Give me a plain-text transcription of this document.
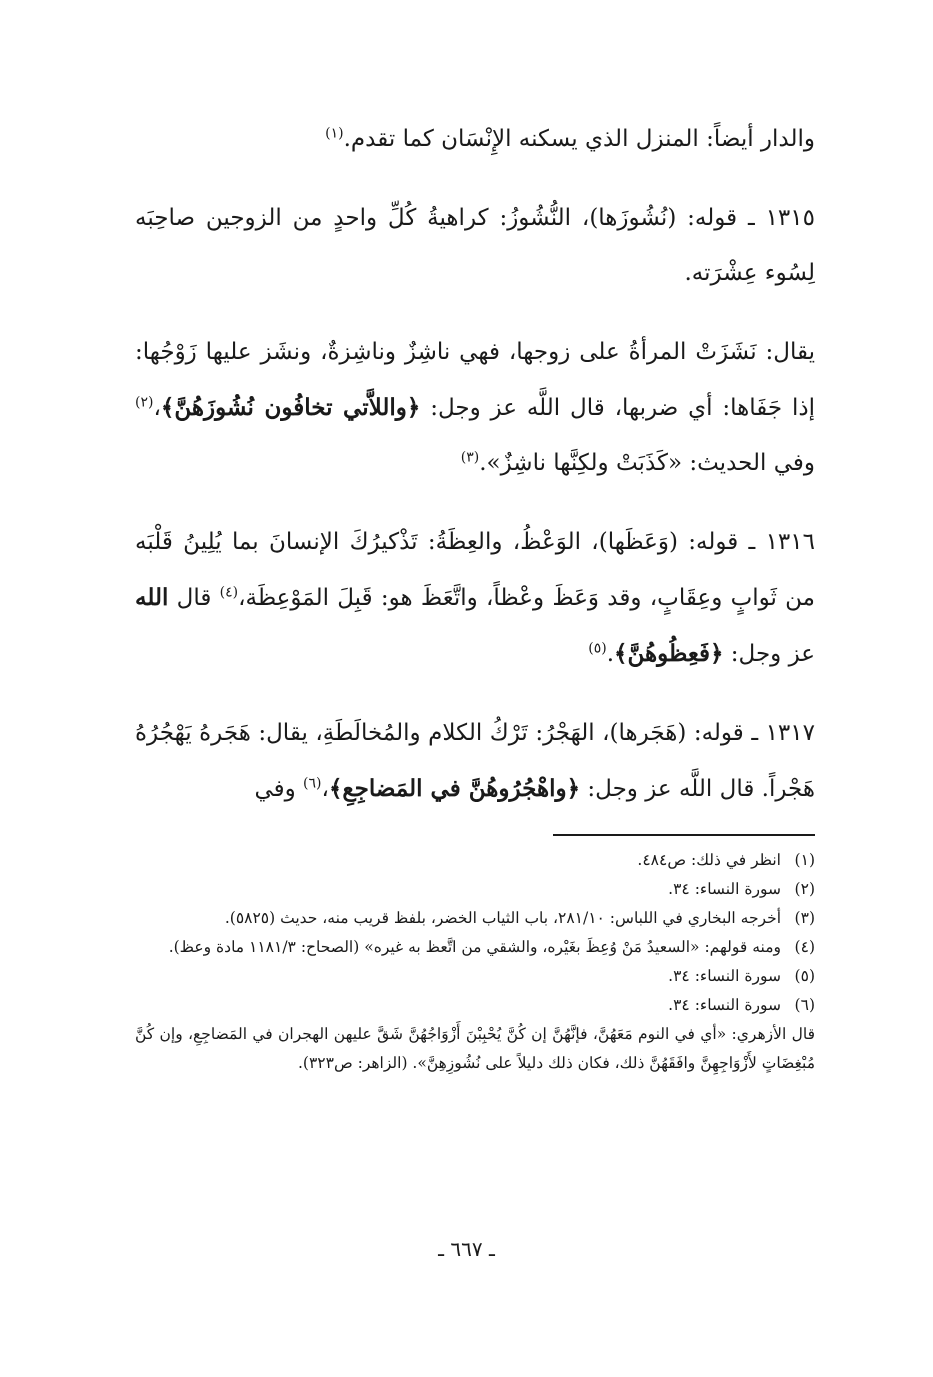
والدار أيضاً: المنزل الذي يسكنه الإِنْسَان كما تقدم.$^{(١)}$

١٣١٥ ـ قوله: (نُشُوزَها)، النُّشُوزُ: كراهيةُ كُلِّ واحدٍ من الزوجين صاحِبَه لِسُوء عِشْرَته.

يقال: نَشَزَتْ المرأةُ على زوجها، فهي ناشِزٌ وناشِزةٌ، ونشَز عليها زَوْجُها: إذا جَفَاها: أي ضربها، قال اللَّه عز وجل: ﴿واللاَّتي تخافُون نُشُوزَهُنَّ﴾،$^{(٢)}$ وفي الحديث: «كَذَبَتْ ولكِنَّها ناشِزٌ».$^{(٣)}$

١٣١٦ ـ قوله: (وَعَظَها)، الوَعْظُ، والعِظَةُ: تَذْكيرُكَ الإنسانَ بما يُلِينُ قَلْبَه من ثَوابٍ وعِقَابٍ، وقد وَعَظَ وعْظاً، واتَّعَظَ هو: قَبِلَ المَوْعِظَة،$^{(٤)}$ قال الله عز وجل: ﴿فَعِظُوهُنَّ﴾.$^{(٥)}$

١٣١٧ ـ قوله: (هَجَرها)، الهَجْرُ: تَرْكُ الكلام والمُخالَطَةِ، يقال: هَجَرهُ يَهْجُرُهُ هَجْراً. قال اللَّه عز وجل: ﴿واهْجُرُوهُنَّ في المَضاجِعِ﴾،$^{(٦)}$ وفي

(١)
انظر في ذلك: ص٤٨٤.
(٢)
سورة النساء: ٣٤.
(٣)
أخرجه البخاري في اللباس: ٢٨١/١٠، باب الثياب الخضر، بلفظ قريب منه، حديث (٥٨٢٥).
(٤)
ومنه قولهم: «السعيدُ مَنْ وُعِظَ بغَيْره، والشقي من اتَّعظ به غيره» (الصحاح: ١١٨١/٣ مادة وعظ).
(٥)
سورة النساء: ٣٤.
(٦)
سورة النساء: ٣٤.

قال الأزهري: «أي في النوم مَعَهُنَّ، فإنَّهُنَّ إن كُنَّ يُحْبِبْنَ أَزْوَاجُهُنَّ شَقَّ عليهن الهجران في المَضاجِعِ، وإن كُنَّ مُبْغِضَاتٍ لأَزْوَاجِهِنَّ وافَقَهُنَّ ذلك، فكان ذلك دليلاً على نُشُوزِهِنَّ». (الزاهر: ص٣٢٣).

ـ ٦٦٧ ـ
